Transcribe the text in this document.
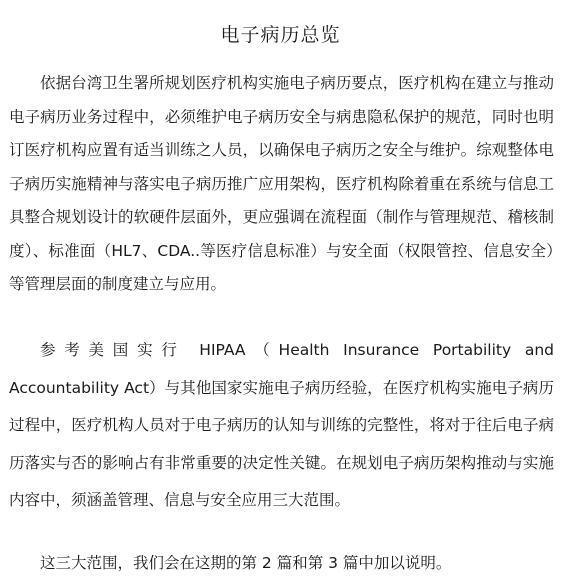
电子病历总览

依据台湾卫生署所规划医疗机构实施电子病历要点，医疗机构在建立与推动电子病历业务过程中，必须维护电子病历安全与病患隐私保护的规范，同时也明订医疗机构应置有适当训练之人员，以确保电子病历之安全与维护。综观整体电子病历实施精神与落实电子病历推广应用架构，医疗机构除着重在系统与信息工具整合规划设计的软硬件层面外，更应强调在流程面（制作与管理规范、稽核制度）、标准面（HL7、CDA..等医疗信息标准）与安全面（权限管控、信息安全）等管理层面的制度建立与应用。

参考美国实行 HIPAA（Health Insurance Portability and Accountability Act）与其他国家实施电子病历经验，在医疗机构实施电子病历过程中，医疗机构人员对于电子病历的认知与训练的完整性，将对于往后电子病历落实与否的影响占有非常重要的决定性关键。在规划电子病历架构推动与实施内容中，须涵盖管理、信息与安全应用三大范围。

这三大范围，我们会在这期的第 2 篇和第 3 篇中加以说明。
